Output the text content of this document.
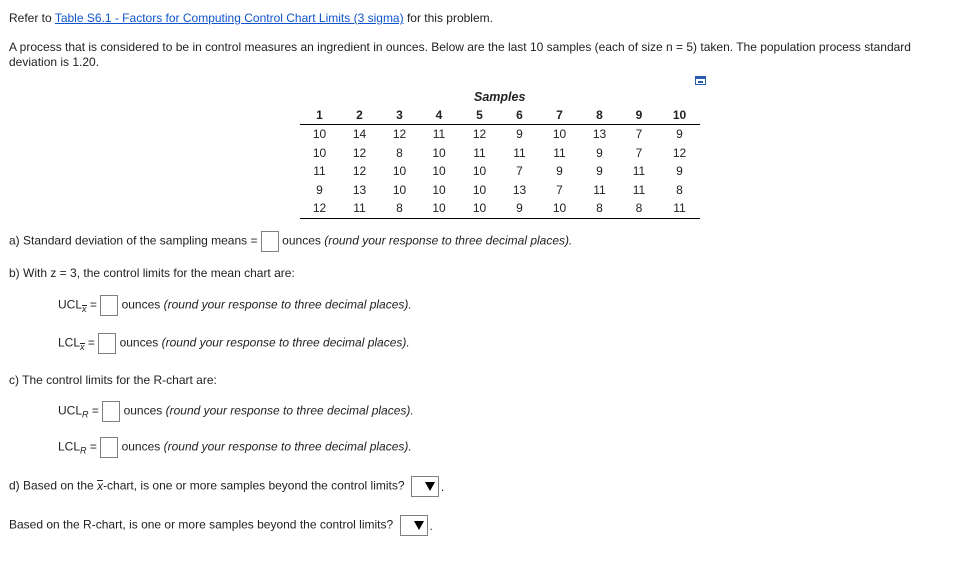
Refer to Table S6.1 - Factors for Computing Control Chart Limits (3 sigma) for this problem.
A process that is considered to be in control measures an ingredient in ounces. Below are the last 10 samples (each of size n = 5) taken. The population process standard deviation is 1.20.
Samples
1	2	3	4	5	6	7	8	9	10
10	14	12	11	12	9	10	13	7	9
10	12	8	10	11	11	11	9	7	12
11	12	10	10	10	7	9	9	11	9
9	13	10	10	10	13	7	11	11	8
12	11	8	10	10	9	10	8	8	11
a) Standard deviation of the sampling means = ounces (round your response to three decimal places).
b) With z = 3, the control limits for the mean chart are:
$UCL_x$ = ounces (round your response to three decimal places).
$LCL_x$ = ounces (round your response to three decimal places).
c) The control limits for the R-chart are:
$UCL_R$ = ounces (round your response to three decimal places).
$LCL_R$ = ounces (round your response to three decimal places).
d) Based on the x-chart, is one or more samples beyond the control limits?	.
Based on the R-chart, is one or more samples beyond the control limits?	.
